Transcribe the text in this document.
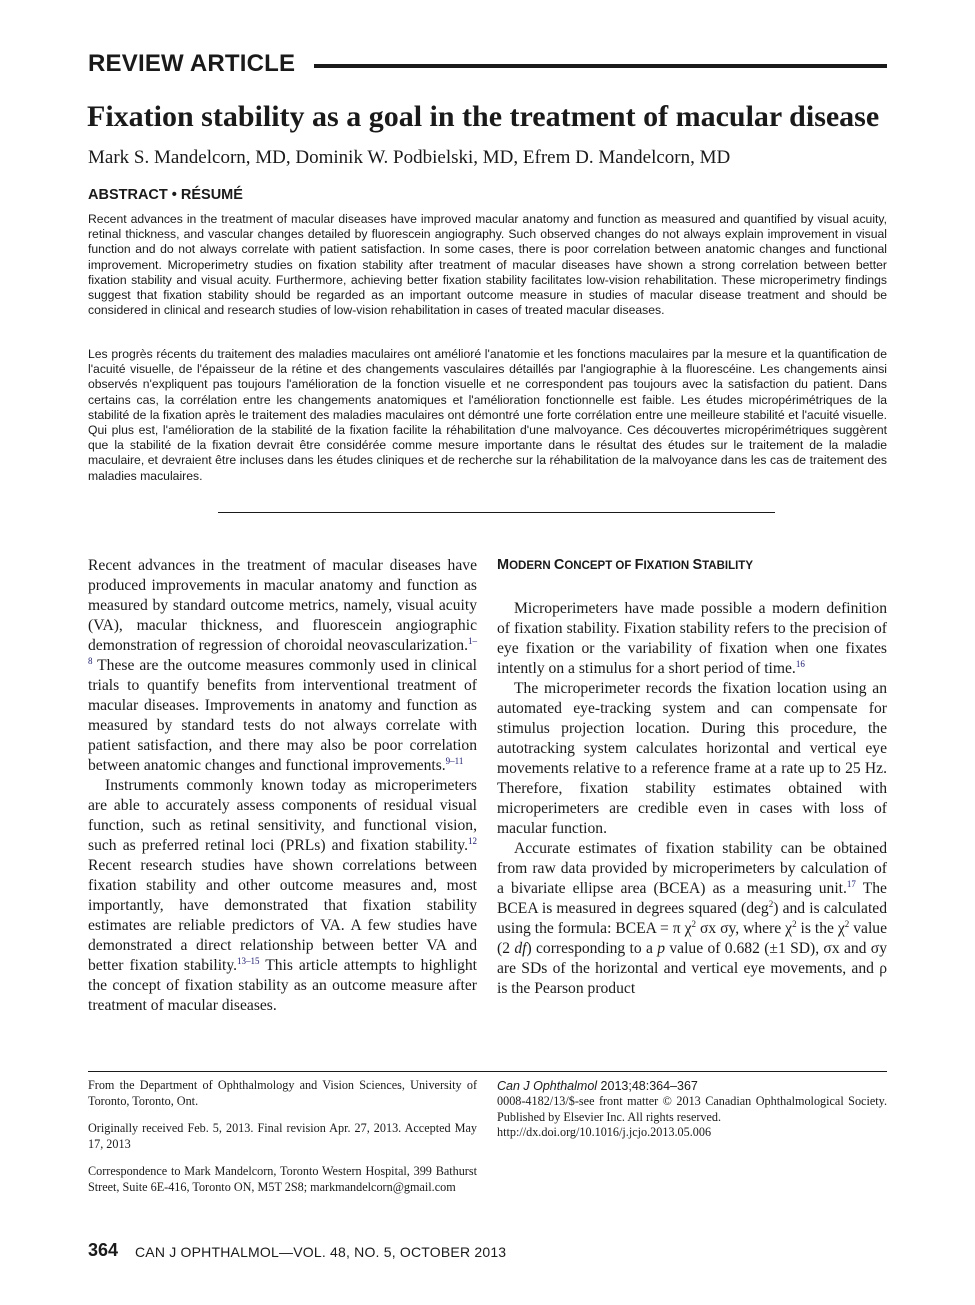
REVIEW ARTICLE
Fixation stability as a goal in the treatment of macular disease
Mark S. Mandelcorn, MD, Dominik W. Podbielski, MD, Efrem D. Mandelcorn, MD
ABSTRACT • RÉSUMÉ

Recent advances in the treatment of macular diseases have improved macular anatomy and function as measured and quantified by visual acuity, retinal thickness, and vascular changes detailed by fluorescein angiography. Such observed changes do not always explain improvement in visual function and do not always correlate with patient satisfaction. In some cases, there is poor correlation between anatomic changes and functional improvement. Microperimetry studies on fixation stability after treatment of macular diseases have shown a strong correlation between better fixation stability and visual acuity. Furthermore, achieving better fixation stability facilitates low-vision rehabilitation. These microperimetry findings suggest that fixation stability should be regarded as an important outcome measure in studies of macular disease treatment and should be considered in clinical and research studies of low-vision rehabilitation in cases of treated macular diseases.

Les progrès récents du traitement des maladies maculaires ont amélioré l'anatomie et les fonctions maculaires par la mesure et la quantification de l'acuité visuelle, de l'épaisseur de la rétine et des changements vasculaires détaillés par l'angiographie à la fluorescéine. Les changements ainsi observés n'expliquent pas toujours l'amélioration de la fonction visuelle et ne correspondent pas toujours avec la satisfaction du patient. Dans certains cas, la corrélation entre les changements anatomiques et l'amélioration fonctionnelle est faible. Les études micropérimétriques de la stabilité de la fixation après le traitement des maladies maculaires ont démontré une forte corrélation entre une meilleure stabilité et l'acuité visuelle. Qui plus est, l'amélioration de la stabilité de la fixation facilite la réhabilitation d'une malvoyance. Ces découvertes micropérimétriques suggèrent que la stabilité de la fixation devrait être considérée comme mesure importante dans le résultat des études sur le traitement de la maladie maculaire, et devraient être incluses dans les études cliniques et de recherche sur la réhabilitation de la malvoyance dans les cas de traitement des maladies maculaires.

Recent advances in the treatment of macular diseases have produced improvements in macular anatomy and function as measured by standard outcome metrics, namely, visual acuity (VA), macular thickness, and fluorescein angiographic demonstration of regression of choroidal neovascularization.$^{1-8}$ These are the outcome measures commonly used in clinical trials to quantify benefits from interventional treatment of macular diseases. Improvements in anatomy and function as measured by standard tests do not always correlate with patient satisfaction, and there may also be poor correlation between anatomic changes and functional improvements.$^{9-11}$

Instruments commonly known today as microperimeters are able to accurately assess components of residual visual function, such as retinal sensitivity, and functional vision, such as preferred retinal loci (PRLs) and fixation stability.$^{12}$ Recent research studies have shown correlations between fixation stability and other outcome measures and, most importantly, have demonstrated that fixation stability estimates are reliable predictors of VA. A few studies have demonstrated a direct relationship between better VA and better fixation stability.$^{13-15}$ This article attempts to highlight the concept of fixation stability as an outcome measure after treatment of macular diseases.

MODERN CONCEPT OF FIXATION STABILITY

Microperimeters have made possible a modern definition of fixation stability. Fixation stability refers to the precision of eye fixation or the variability of fixation when one fixates intently on a stimulus for a short period of time.$^{16}$

The microperimeter records the fixation location using an automated eye-tracking system and can compensate for stimulus projection location. During this procedure, the autotracking system calculates horizontal and vertical eye movements relative to a reference frame at a rate up to 25 Hz. Therefore, fixation stability estimates obtained with microperimeters are credible even in cases with loss of macular function.

Accurate estimates of fixation stability can be obtained from raw data provided by microperimeters by calculation of a bivariate ellipse area (BCEA) as a measuring unit.$^{17}$ The BCEA is measured in degrees squared (deg$^2$) and is calculated using the formula: BCEA = π $\chi^2$ σx σy, where $\chi^2$ is the $\chi^2$ value (2 df) corresponding to a p value of 0.682 (±1 SD), σx and σy are SDs of the horizontal and vertical eye movements, and ρ is the Pearson product

From the Department of Ophthalmology and Vision Sciences, University of Toronto, Toronto, Ont.

Originally received Feb. 5, 2013. Final revision Apr. 27, 2013. Accepted May 17, 2013

Correspondence to Mark Mandelcorn, Toronto Western Hospital, 399 Bathurst Street, Suite 6E-416, Toronto ON, M5T 2S8; markmandelcorn@gmail.com

Can J Ophthalmol 2013;48:364–367
0008-4182/13/$-see front matter © 2013 Canadian Ophthalmological Society. Published by Elsevier Inc. All rights reserved.
http://dx.doi.org/10.1016/j.jcjo.2013.05.006
364 CAN J OPHTHALMOL—VOL. 48, NO. 5, OCTOBER 2013
